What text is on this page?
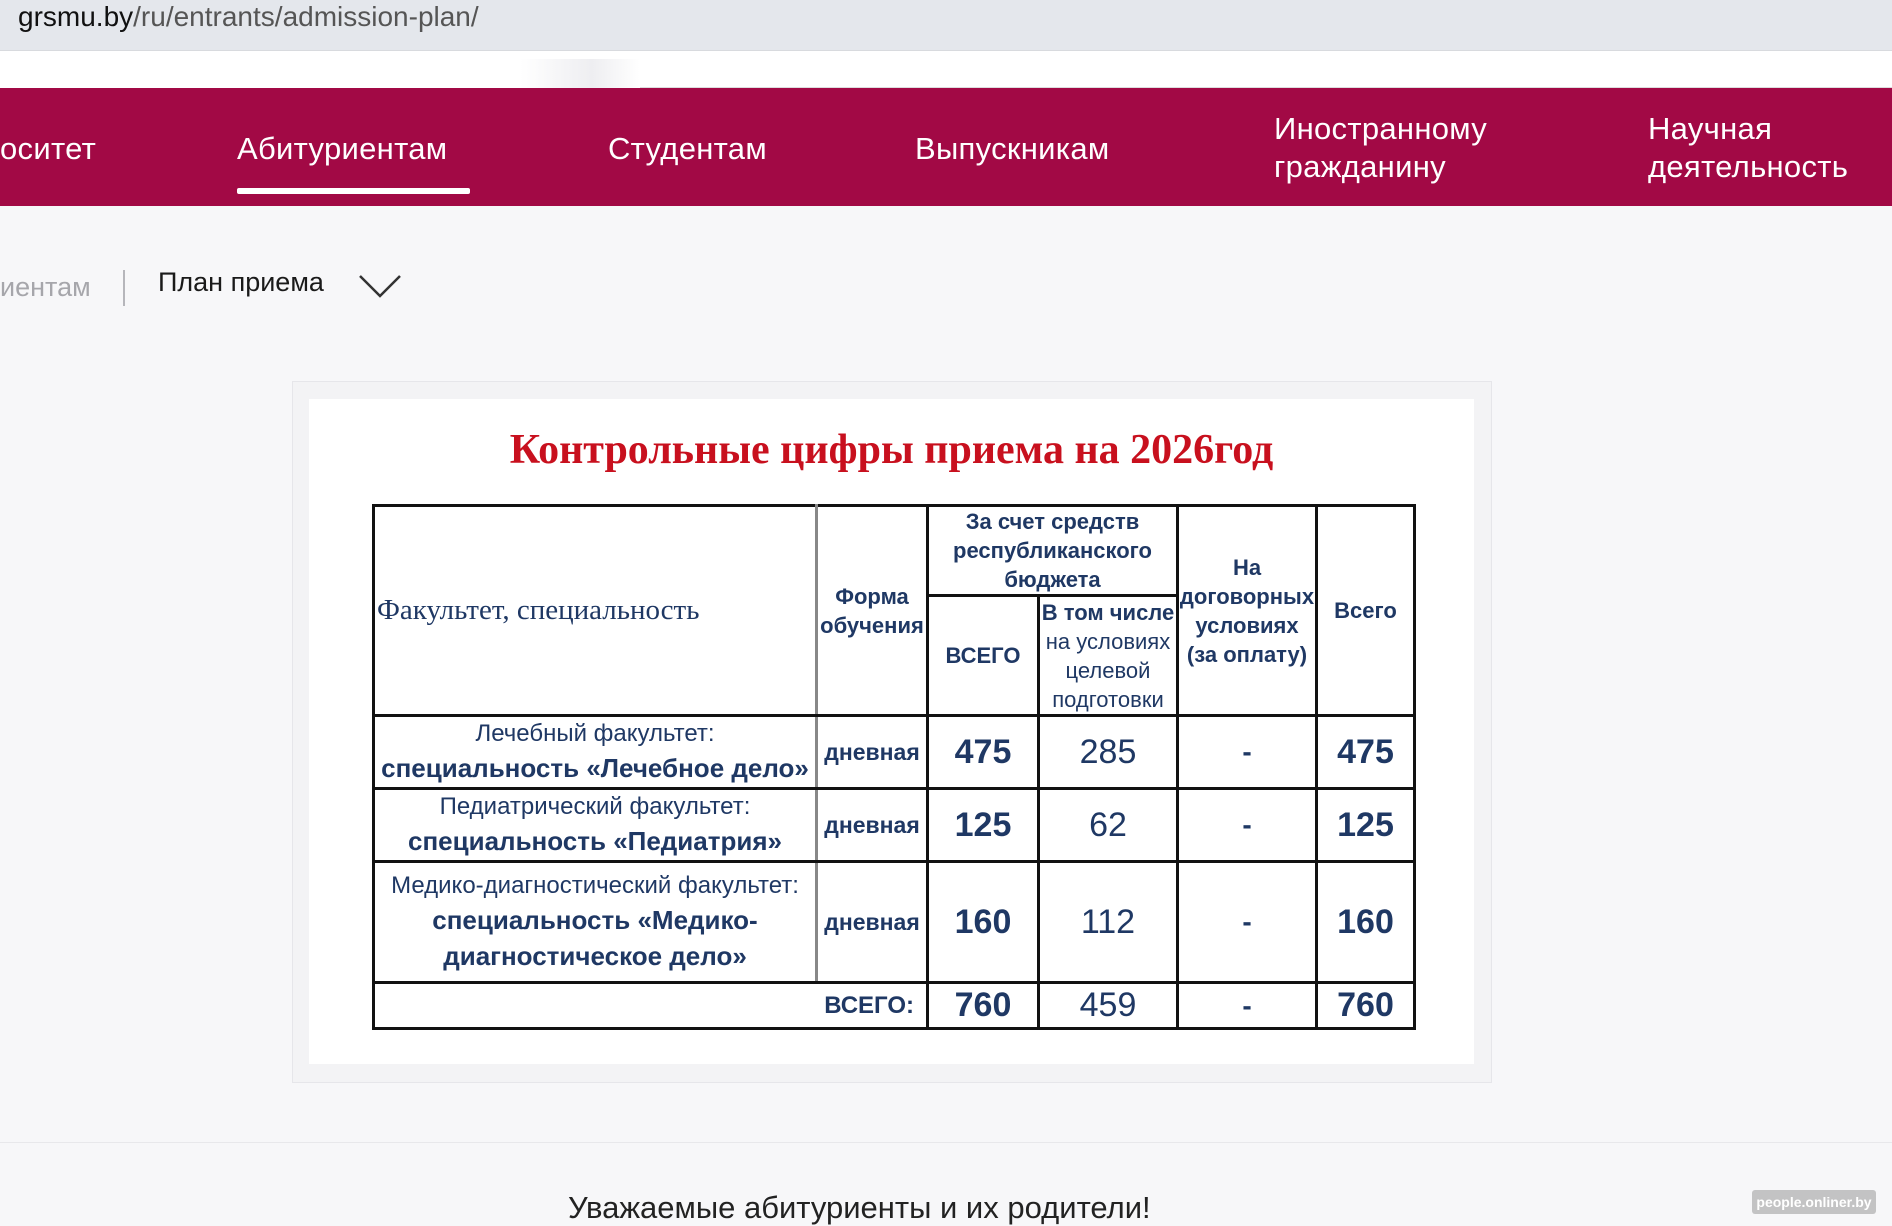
grsmu.by/ru/entrants/admission-plan/
оситет	Абитуриентам	Студентам	Выпускникам
Иностранному гражданину
Научная деятельность
иентам План приема
Контрольные цифры приема на 2026год
Факультет, специальность	Форма обучения	За счет средств республиканского бюджета		На договорных условиях (за оплату)	Всего
		ВСЕГО	В том числе
на условиях целевой подготовки		

Лечебный факультет: специальность «Лечебное дело»	дневная	475	285	-	475
Педиатрический факультет: специальность «Педиатрия»	дневная	125	62	-	125
Медико-диагностический факультет: специальность «Медико-диагностическое дело»	дневная	160	112	-	160
	ВСЕГО:	760	459	-	760
Уважаемые абитуриенты и их родители!	people.onliner.by
